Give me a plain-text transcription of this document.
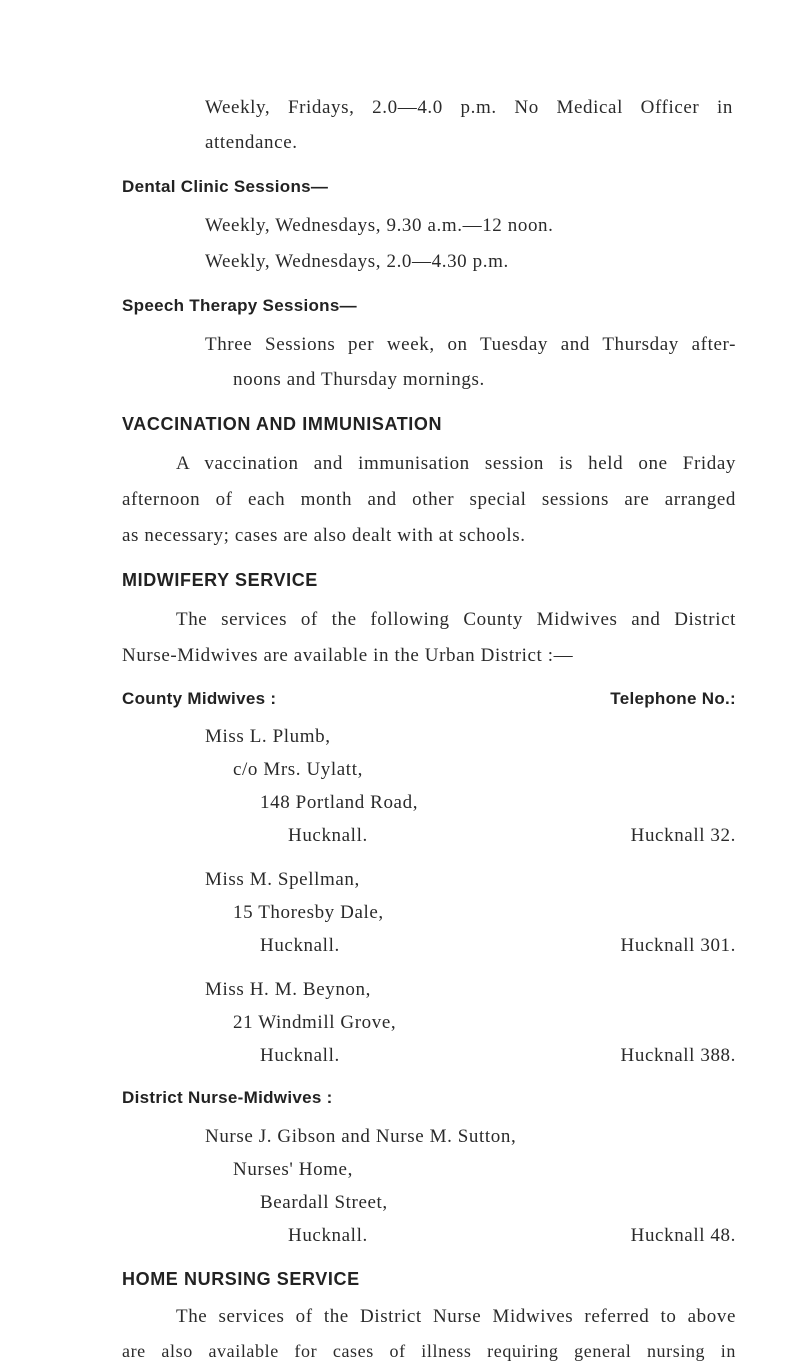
Weekly, Fridays, 2.0—4.0 p.m. No Medical Officer in
attendance.
Dental Clinic Sessions—
Weekly, Wednesdays, 9.30 a.m.—12 noon.
Weekly, Wednesdays, 2.0—4.30 p.m.
Speech Therapy Sessions—
Three Sessions per week, on Tuesday and Thursday after-
noons and Thursday mornings.
VACCINATION AND IMMUNISATION
A vaccination and immunisation session is held one Friday
afternoon of each month and other special sessions are arranged
as necessary; cases are also dealt with at schools.
MIDWIFERY SERVICE
The services of the following County Midwives and District
Nurse-Midwives are available in the Urban District :—
County Midwives :	Telephone No.:
Miss L. Plumb,
c/o Mrs. Uylatt,
148 Portland Road,
Hucknall.	Hucknall 32.
Miss M. Spellman,
15 Thoresby Dale,
Hucknall.	Hucknall 301.
Miss H. M. Beynon,
21 Windmill Grove,
Hucknall.	Hucknall 388.
District Nurse-Midwives :
Nurse J. Gibson and Nurse M. Sutton,
Nurses' Home,
Beardall Street,
Hucknall.	Hucknall 48.
HOME NURSING SERVICE
The services of the District Nurse Midwives referred to above
are also available for cases of illness requiring general nursing in
